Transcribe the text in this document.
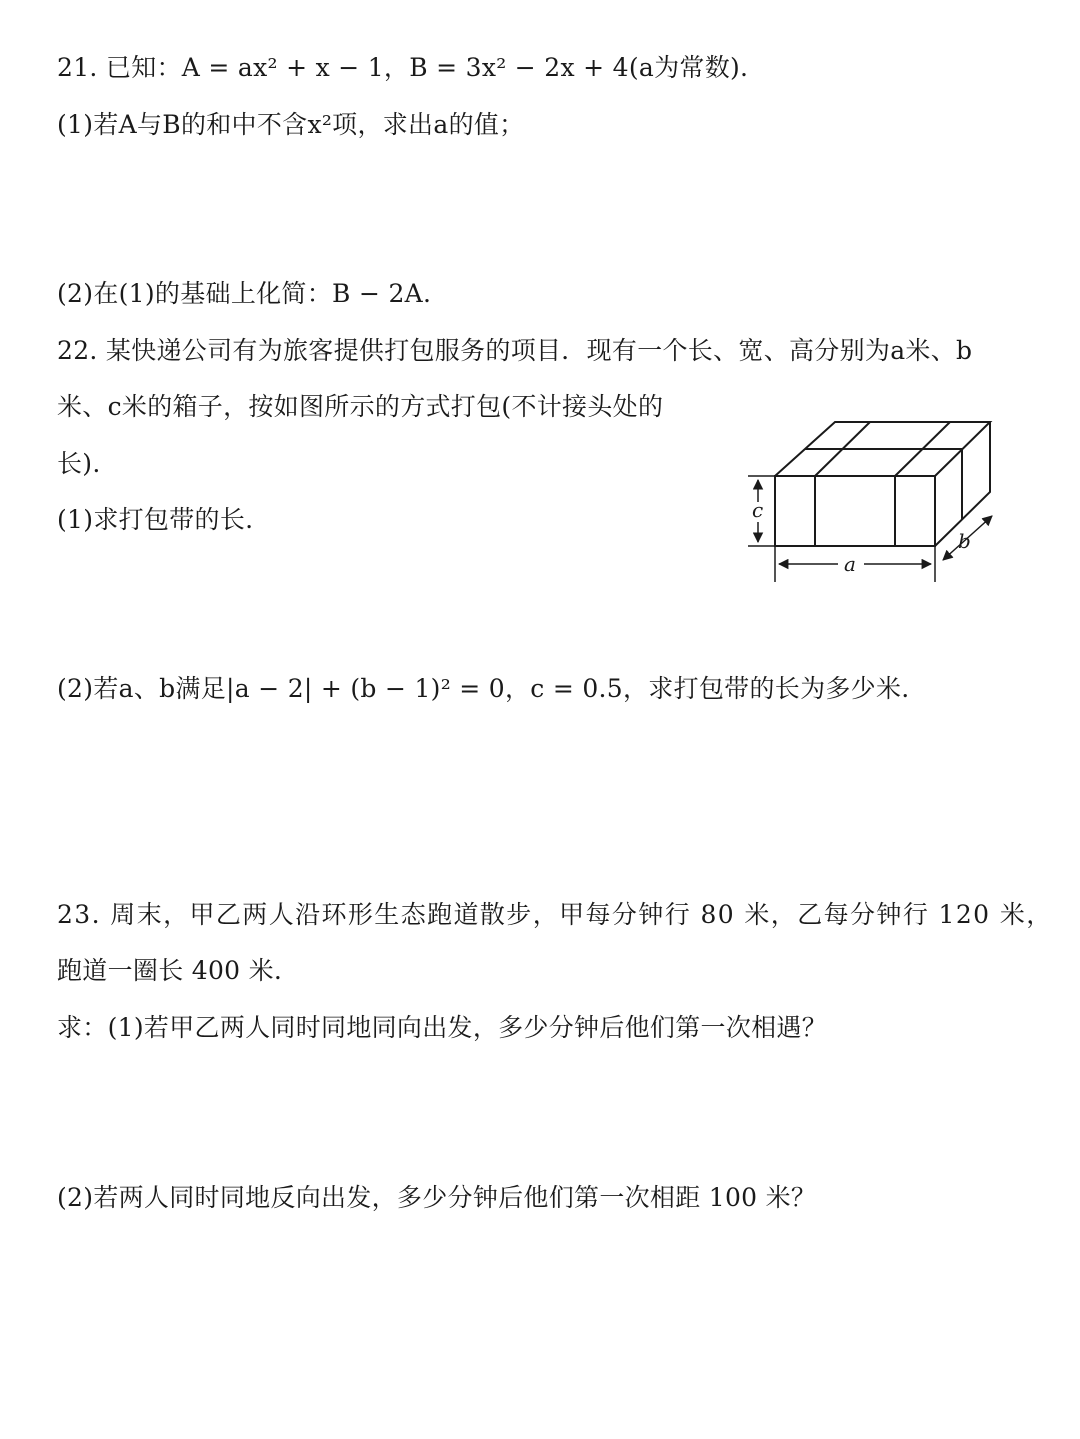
21. 已知：A = ax² + x − 1，B = 3x² − 2x + 4(a为常数).
(1)若A与B的和中不含x²项，求出a的值；
(2)在(1)的基础上化简：B − 2A.
22. 某快递公司有为旅客提供打包服务的项目．现有一个长、宽、高分别为a米、b
米、c米的箱子，按如图所示的方式打包(不计接头处的
长).
(1)求打包带的长.
a
c
b
(2)若a、b满足|a − 2| + (b − 1)² = 0，c = 0.5，求打包带的长为多少米.
23. 周末，甲乙两人沿环形生态跑道散步，甲每分钟行 80 米，乙每分钟行 120 米，
跑道一圈长 400 米.
求：(1)若甲乙两人同时同地同向出发，多少分钟后他们第一次相遇？
(2)若两人同时同地反向出发，多少分钟后他们第一次相距 100 米？
